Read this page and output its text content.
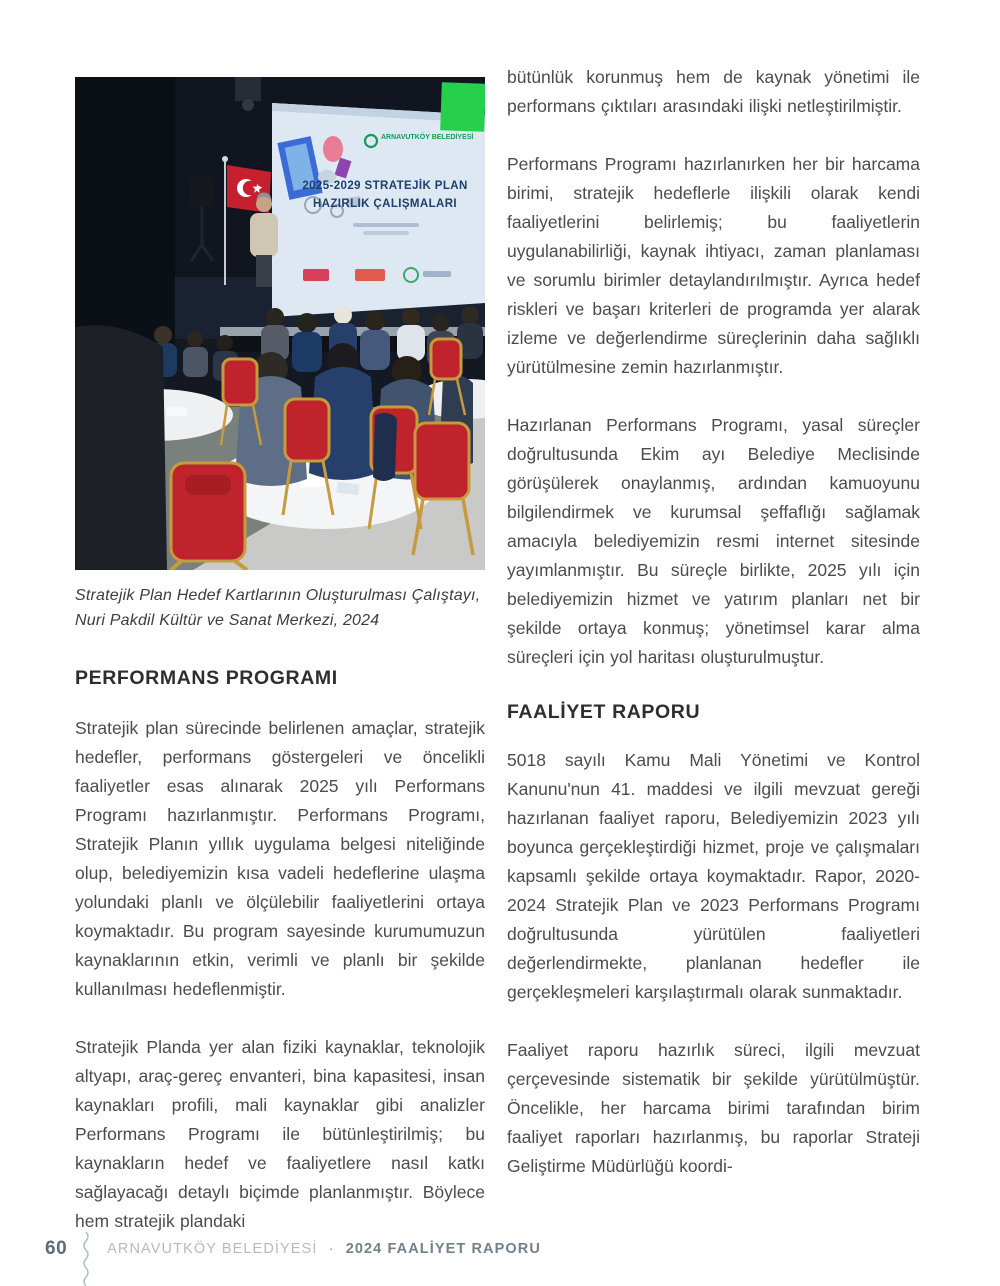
ARNAVUTKÖY BELEDİYESİ
2025-2029 STRATEJİK PLAN
HAZIRLIK ÇALIŞMALARI

Stratejik Plan Hedef Kartlarının Oluşturulması Çalıştayı, Nuri Pakdil Kültür ve Sanat Merkezi, 2024

PERFORMANS PROGRAMI

Stratejik plan sürecinde belirlenen amaçlar, stratejik hedefler, performans göstergeleri ve öncelikli faaliyetler esas alınarak 2025 yılı Performans Programı hazırlanmıştır. Performans Programı, Stratejik Planın yıllık uygulama belgesi niteliğinde olup, belediyemizin kısa vadeli hedeflerine ulaşma yolundaki planlı ve ölçülebilir faaliyetlerini ortaya koymaktadır. Bu program sayesinde kurumumuzun kaynaklarının etkin, verimli ve planlı bir şekilde kullanılması hedeflenmiştir.

Stratejik Planda yer alan fiziki kaynaklar, teknolojik altyapı, araç-gereç envanteri, bina kapasitesi, insan kaynakları profili, mali kaynaklar gibi analizler Performans Programı ile bütünleştirilmiş; bu kaynakların hedef ve faaliyetlere nasıl katkı sağlayacağı detaylı biçimde planlanmıştır. Böylece hem stratejik plandaki

bütünlük korunmuş hem de kaynak yönetimi ile performans çıktıları arasındaki ilişki netleştirilmiştir.

Performans Programı hazırlanırken her bir harcama birimi, stratejik hedeflerle ilişkili olarak kendi faaliyetlerini belirlemiş; bu faaliyetlerin uygulanabilirliği, kaynak ihtiyacı, zaman planlaması ve sorumlu birimler detaylandırılmıştır. Ayrıca hedef riskleri ve başarı kriterleri de programda yer alarak izleme ve değerlendirme süreçlerinin daha sağlıklı yürütülmesine zemin hazırlanmıştır.

Hazırlanan Performans Programı, yasal süreçler doğrultusunda Ekim ayı Belediye Meclisinde görüşülerek onaylanmış, ardından kamuoyunu bilgilendirmek ve kurumsal şeffaflığı sağlamak amacıyla belediyemizin resmi internet sitesinde yayımlanmıştır. Bu süreçle birlikte, 2025 yılı için belediyemizin hizmet ve yatırım planları net bir şekilde ortaya konmuş; yönetimsel karar alma süreçleri için yol haritası oluşturulmuştur.

FAALİYET RAPORU

5018 sayılı Kamu Mali Yönetimi ve Kontrol Kanunu'nun 41. maddesi ve ilgili mevzuat gereği hazırlanan faaliyet raporu, Belediyemizin 2023 yılı boyunca gerçekleştirdiği hizmet, proje ve çalışmaları kapsamlı şekilde ortaya koymaktadır. Rapor, 2020-2024 Stratejik Plan ve 2023 Performans Programı doğrultusunda yürütülen faaliyetleri değerlendirmekte, planlanan hedefler ile gerçekleşmeleri karşılaştırmalı olarak sunmaktadır.

Faaliyet raporu hazırlık süreci, ilgili mevzuat çerçevesinde sistematik bir şekilde yürütülmüştür. Öncelikle, her harcama birimi tarafından birim faaliyet raporları hazırlanmış, bu raporlar Strateji Geliştirme Müdürlüğü koordi-

60	ARNAVUTKÖY BELEDİYESİ · 2024 FAALİYET RAPORU
